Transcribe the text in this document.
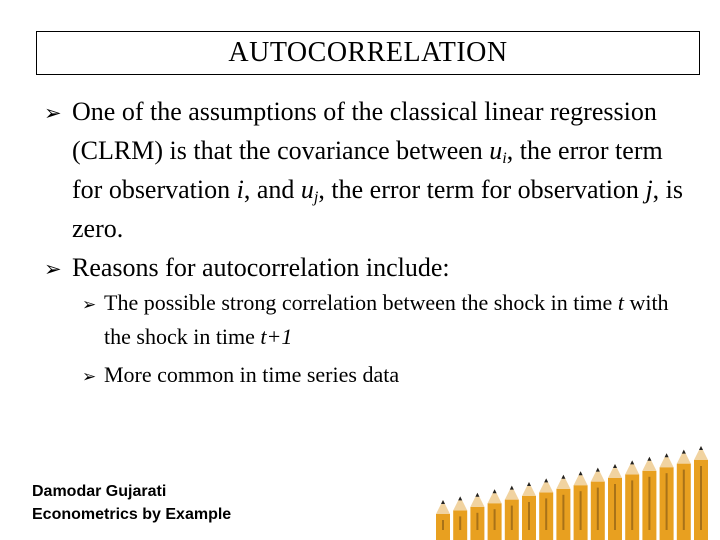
AUTOCORRELATION
➢ One of the assumptions of the classical linear regression (CLRM) is that the covariance between $u_i$, the error term for observation i, and $u_j$, the error term for observation j, is zero.
➢ Reasons for autocorrelation include:
➢ The possible strong correlation between the shock in time t with the shock in time t+1
➢ More common in time series data
Damodar Gujarati
Econometrics by Example
